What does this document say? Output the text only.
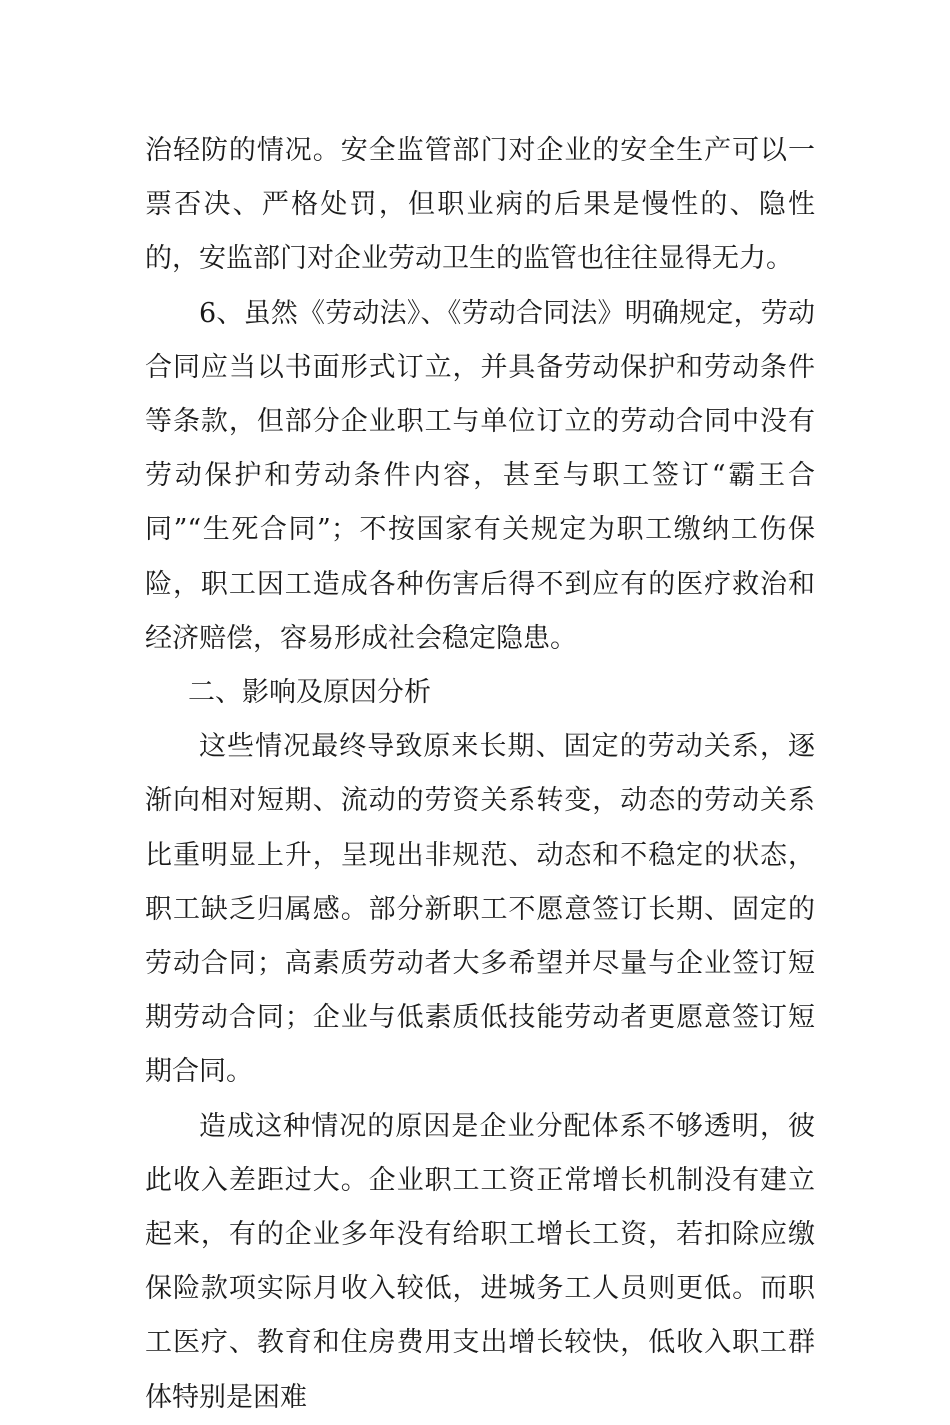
治轻防的情况。安全监管部门对企业的安全生产可以一票否决、严格处罚，但职业病的后果是慢性的、隐性的，安监部门对企业劳动卫生的监管也往往显得无力。

6、虽然《劳动法》、《劳动合同法》明确规定，劳动合同应当以书面形式订立，并具备劳动保护和劳动条件等条款，但部分企业职工与单位订立的劳动合同中没有劳动保护和劳动条件内容，甚至与职工签订“霸王合同”“生死合同”；不按国家有关规定为职工缴纳工伤保险，职工因工造成各种伤害后得不到应有的医疗救治和经济赔偿，容易形成社会稳定隐患。

二、影响及原因分析

这些情况最终导致原来长期、固定的劳动关系，逐渐向相对短期、流动的劳资关系转变，动态的劳动关系比重明显上升，呈现出非规范、动态和不稳定的状态，职工缺乏归属感。部分新职工不愿意签订长期、固定的劳动合同；高素质劳动者大多希望并尽量与企业签订短期劳动合同；企业与低素质低技能劳动者更愿意签订短期合同。

造成这种情况的原因是企业分配体系不够透明，彼此收入差距过大。企业职工工资正常增长机制没有建立起来，有的企业多年没有给职工增长工资，若扣除应缴保险款项实际月收入较低，进城务工人员则更低。而职工医疗、教育和住房费用支出增长较快，低收入职工群体特别是困难
